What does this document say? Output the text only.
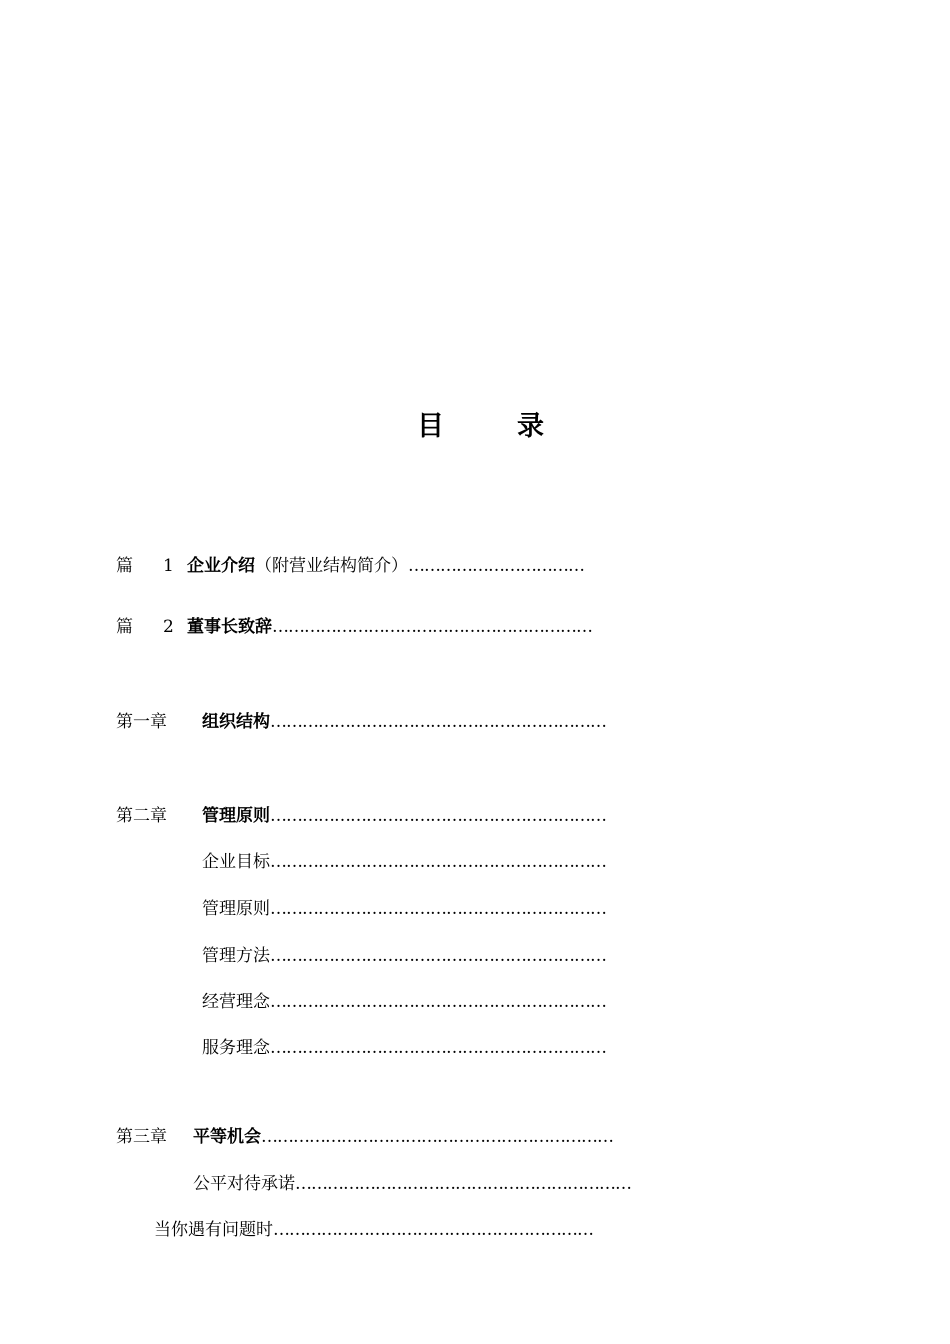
目	录
篇 1 企业介绍（附营业结构简介）……………………………
篇 2 董事长致辞……………………………………………………
第一章 组织结构………………………………………………………
第二章 管理原则………………………………………………………
企业目标………………………………………………………
管理原则………………………………………………………
管理方法………………………………………………………
经营理念………………………………………………………
服务理念………………………………………………………
第三章 平等机会…………………………………………………………
公平对待承诺………………………………………………………
当你遇有问题时……………………………………………………
